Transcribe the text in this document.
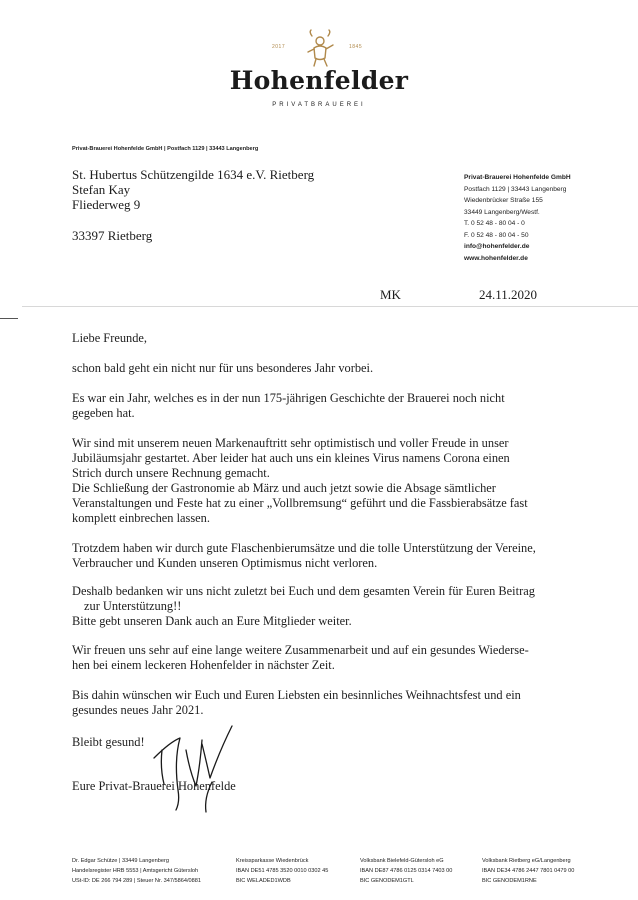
2017	1845
Hohenfelder
PRIVATBRAUEREI
Privat-Brauerei Hohenfelde GmbH | Postfach 1129 | 33443 Langenberg
St. Hubertus Schützengilde 1634 e.V. Rietberg
Stefan Kay
Fliederweg 9
33397 Rietberg
Privat-Brauerei Hohenfelde GmbH
Postfach 1129 | 33443 Langenberg
Wiedenbrücker Straße 155
33449 Langenberg/Westf.
T. 0 52 48 - 80 04 - 0
F. 0 52 48 - 80 04 - 50
info@hohenfelder.de
www.hohenfelder.de
MK	24.11.2020
Liebe Freunde,
schon bald geht ein nicht nur für uns besonderes Jahr vorbei.

Es war ein Jahr, welches es in der nun 175-jährigen Geschichte der Brauerei noch nicht

gegeben hat.

Wir sind mit unserem neuen Markenauftritt sehr optimistisch und voller Freude in unser

Jubiläumsjahr gestartet. Aber leider hat auch uns ein kleines Virus namens Corona einen

Strich durch unsere Rechnung gemacht.

Die Schließung der Gastronomie ab März und auch jetzt sowie die Absage sämtlicher

Veranstaltungen und Feste hat zu einer „Vollbremsung“ geführt und die Fassbierabsätze fast

komplett einbrechen lassen.

Trotzdem haben wir durch gute Flaschenbierumsätze und die tolle Unterstützung der Vereine,

Verbraucher und Kunden unseren Optimismus nicht verloren.

Deshalb bedanken wir uns nicht zuletzt bei Euch und dem gesamten Verein für Euren Beitrag

zur Unterstützung!!

Bitte gebt unseren Dank auch an Eure Mitglieder weiter.

Wir freuen uns sehr auf eine lange weitere Zusammenarbeit und auf ein gesundes Wiederse-

hen bei einem leckeren Hohenfelder in nächster Zeit.

Bis dahin wünschen wir Euch und Euren Liebsten ein besinnliches Weihnachtsfest und ein

gesundes neues Jahr 2021.

Bleibt gesund!
Eure Privat-Brauerei Hohenfelde
Dr. Edgar Schütze | 33449 Langenberg
Handelsregister HRB 5553 | Amtsgericht Gütersloh
USt-ID: DE 266 794 289 | Steuer Nr. 347/5864/0881
Kreissparkasse Wiedenbrück
IBAN DE51 4785 3520 0010 0302 45
BIC WELADED1WDB
Volksbank Bielefeld-Gütersloh eG
IBAN DE87 4786 0125 0314 7403 00
BIC GENODEM1GTL
Volksbank Rietberg eG/Langenberg
IBAN DE34 4786 2447 7801 0479 00
BIC GENODEM1RNE
